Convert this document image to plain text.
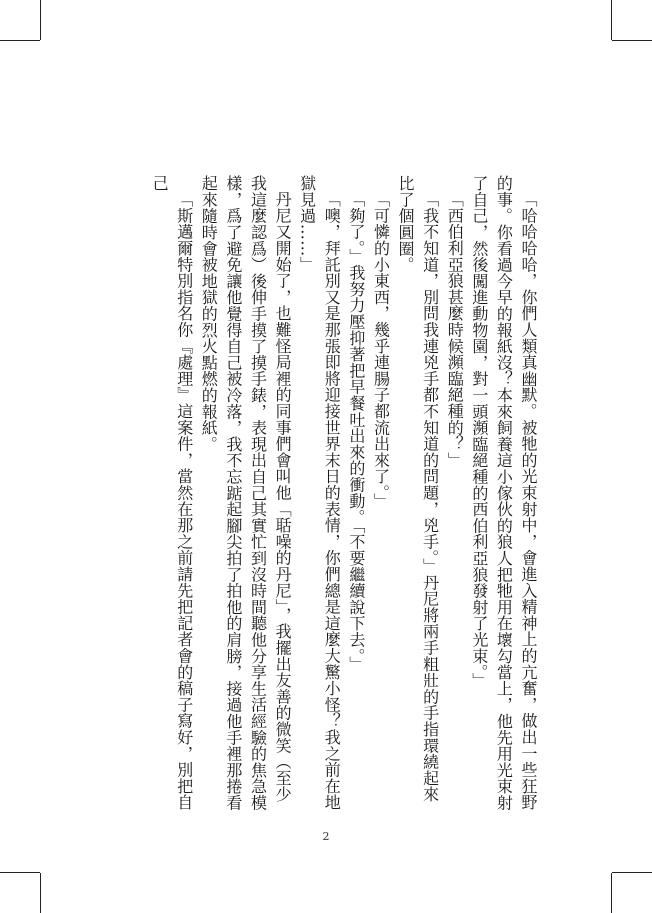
「哈哈哈哈，你們人類真幽默。被牠的光束射中，會進入精神上的亢奮，做出一些狂野的事。你看過今早的報紙沒？本來飼養這小傢伙的狼人把牠用在壞勾當上，他先用光束射了自己，然後闖進動物園，對一頭瀕臨絕種的西伯利亞狼發射了光束。」

「西伯利亞狼甚麼時候瀕臨絕種的？」

「我不知道，別問我連兇手都不知道的問題，兇手。」丹尼將兩手粗壯的手指環繞起來比了個圓圈。

「可憐的小東西，幾乎連腸子都流出來了。」

「夠了。」我努力壓抑著把早餐吐出來的衝動。「不要繼續說下去。」

「噢，拜託別又是那張即將迎接世界末日的表情，你們總是這麼大驚小怪？我之前在地獄見過……」

丹尼又開始了，也難怪局裡的同事們會叫他「聒噪的丹尼」，我擺出友善的微笑（至少我這麼認爲）後伸手摸了摸手錶，表現出自己其實忙到沒時間聽他分享生活經驗的焦急模樣，爲了避免讓他覺得自己被冷落，我不忘踮起腳尖拍了拍他的肩膀，接過他手裡那捲看起來隨時會被地獄的烈火點燃的報紙。

「斯邁爾特別指名你『處理』這案件，當然在那之前請先把記者會的稿子寫好，別把自己

2
